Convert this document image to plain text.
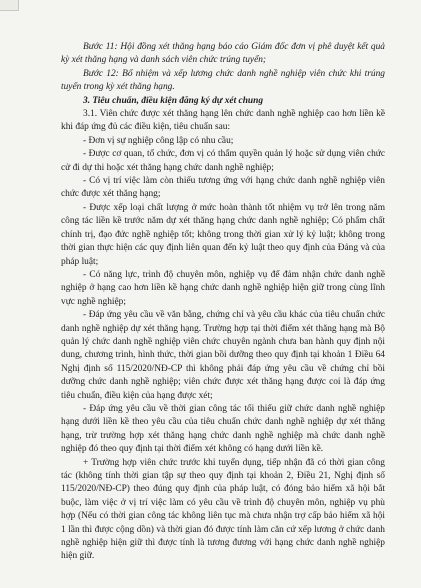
Bước 11: Hội đồng xét thăng hạng báo cáo Giám đốc đơn vị phê duyệt kết quả kỳ xét thăng hạng và danh sách viên chức trúng tuyển;

Bước 12: Bổ nhiệm và xếp lương chức danh nghề nghiệp viên chức khi trúng tuyển trong kỳ xét thăng hạng.

3. Tiêu chuẩn, điều kiện đăng ký dự xét chung

3.1. Viên chức được xét thăng hạng lên chức danh nghề nghiệp cao hơn liền kề khi đáp ứng đủ các điều kiện, tiêu chuẩn sau:

- Đơn vị sự nghiệp công lập có nhu cầu;

- Được cơ quan, tổ chức, đơn vị có thẩm quyền quản lý hoặc sử dụng viên chức cử đi dự thi hoặc xét thăng hạng chức danh nghề nghiệp;

- Có vị trí việc làm còn thiếu tương ứng với hạng chức danh nghề nghiệp viên chức được xét thăng hạng;

- Được xếp loại chất lượng ở mức hoàn thành tốt nhiệm vụ trở lên trong năm công tác liền kề trước năm dự xét thăng hạng chức danh nghề nghiệp; Có phẩm chất chính trị, đạo đức nghề nghiệp tốt; không trong thời gian xử lý kỷ luật; không trong thời gian thực hiện các quy định liên quan đến kỷ luật theo quy định của Đảng và của pháp luật;

- Có năng lực, trình độ chuyên môn, nghiệp vụ để đảm nhận chức danh nghề nghiệp ở hạng cao hơn liền kề hạng chức danh nghề nghiệp hiện giữ trong cùng lĩnh vực nghề nghiệp;

- Đáp ứng yêu cầu về văn bằng, chứng chỉ và yêu cầu khác của tiêu chuẩn chức danh nghề nghiệp dự xét thăng hạng. Trường hợp tại thời điểm xét thăng hạng mà Bộ quản lý chức danh nghề nghiệp viên chức chuyên ngành chưa ban hành quy định nội dung, chương trình, hình thức, thời gian bồi dưỡng theo quy định tại khoản 1 Điều 64 Nghị định số 115/2020/NĐ-CP thì không phải đáp ứng yêu cầu về chứng chỉ bồi dưỡng chức danh nghề nghiệp; viên chức được xét thăng hạng được coi là đáp ứng tiêu chuẩn, điều kiện của hạng được xét;

- Đáp ứng yêu cầu về thời gian công tác tối thiểu giữ chức danh nghề nghiệp hạng dưới liền kề theo yêu cầu của tiêu chuẩn chức danh nghề nghiệp dự xét thăng hạng, trừ trường hợp xét thăng hạng chức danh nghề nghiệp mà chức danh nghề nghiệp đó theo quy định tại thời điểm xét không có hạng dưới liền kề.

+ Trường hợp viên chức trước khi tuyển dụng, tiếp nhận đã có thời gian công tác (không tính thời gian tập sự theo quy định tại khoản 2, Điều 21, Nghị định số 115/2020/NĐ-CP) theo đúng quy định của pháp luật, có đóng bảo hiểm xã hội bắt buộc, làm việc ở vị trí việc làm có yêu cầu về trình độ chuyên môn, nghiệp vụ phù hợp (Nếu có thời gian công tác không liên tục mà chưa nhận trợ cấp bảo hiểm xã hội 1 lần thì được cộng dồn) và thời gian đó được tính làm căn cứ xếp lương ở chức danh nghề nghiệp hiện giữ thì được tính là tương đương với hạng chức danh nghề nghiệp hiện giữ.
